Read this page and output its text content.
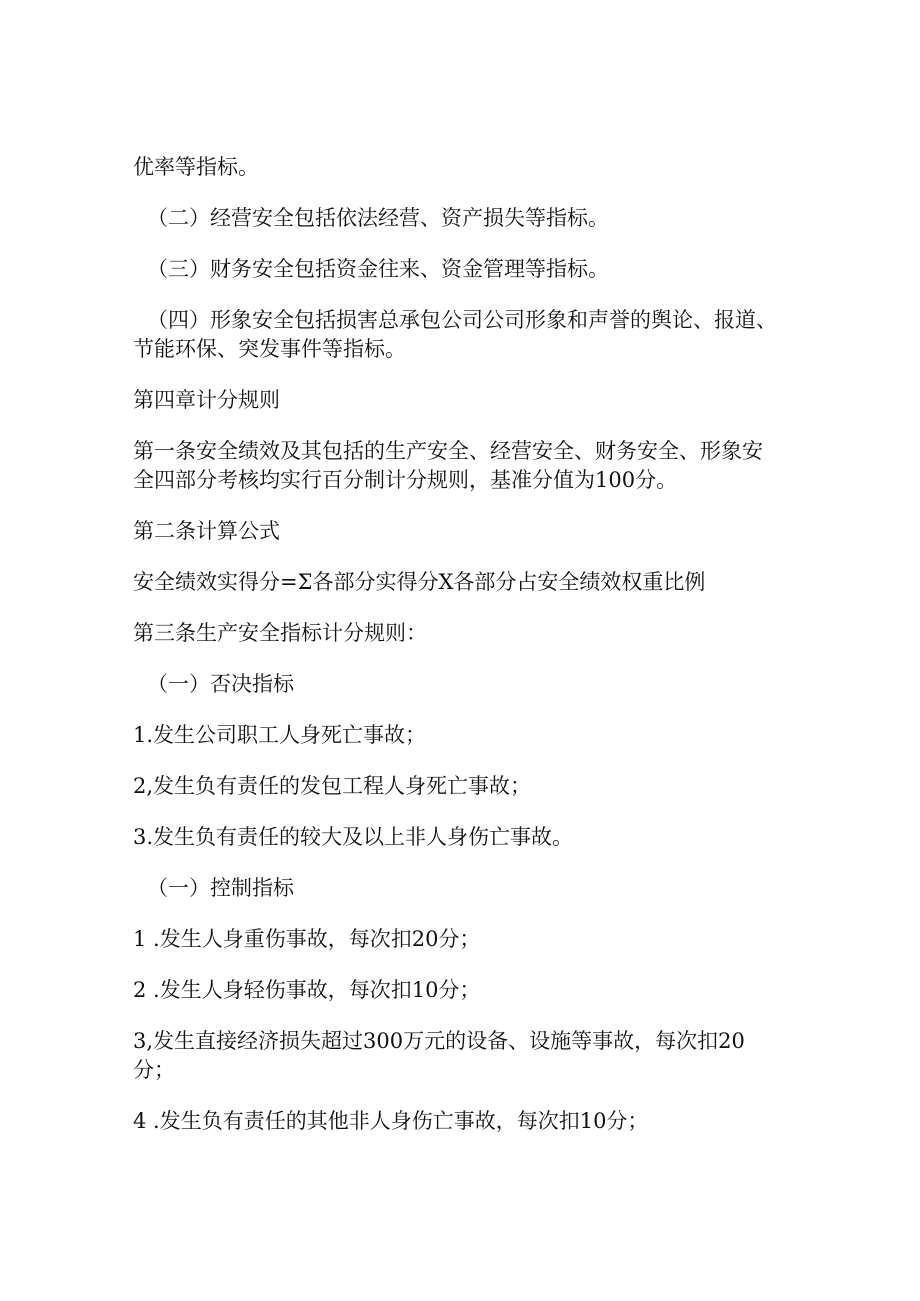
优率等指标。

（二）经营安全包括依法经营、资产损失等指标。

（三）财务安全包括资金往来、资金管理等指标。

（四）形象安全包括损害总承包公司公司形象和声誉的舆论、报道、

节能环保、突发事件等指标。

第四章计分规则

第一条安全绩效及其包括的生产安全、经营安全、财务安全、形象安

全四部分考核均实行百分制计分规则，基准分值为100分。

第二条计算公式

安全绩效实得分=Σ各部分实得分X各部分占安全绩效权重比例

第三条生产安全指标计分规则：

（一）否决指标

1.发生公司职工人身死亡事故；

2,发生负有责任的发包工程人身死亡事故；

3.发生负有责任的较大及以上非人身伤亡事故。

（一）控制指标

1 .发生人身重伤事故，每次扣20分；

2 .发生人身轻伤事故，每次扣10分；

3,发生直接经济损失超过300万元的设备、设施等事故，每次扣20

分；

4 .发生负有责任的其他非人身伤亡事故，每次扣10分；
